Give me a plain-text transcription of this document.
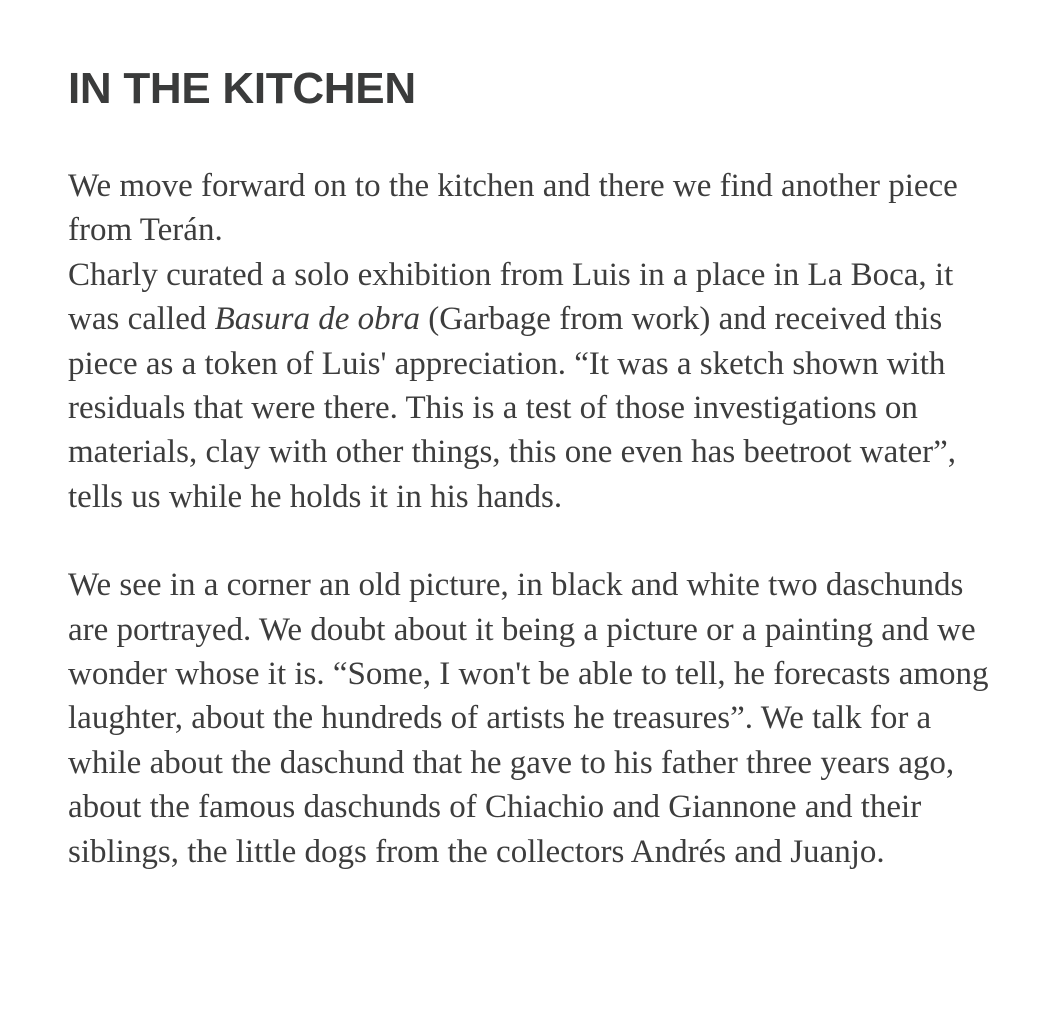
IN THE KITCHEN

We move forward on to the kitchen and there we find another piece from Terán.
Charly curated a solo exhibition from Luis in a place in La Boca, it was called Basura de obra (Garbage from work) and received this piece as a token of Luis' appreciation. “It was a sketch shown with residuals that were there. This is a test of those investigations on materials, clay with other things, this one even has beetroot water”, tells us while he holds it in his hands.

We see in a corner an old picture, in black and white two daschunds are portrayed. We doubt about it being a picture or a painting and we wonder whose it is. “Some, I won't be able to tell, he forecasts among laughter, about the hundreds of artists he treasures”. We talk for a while about the daschund that he gave to his father three years ago, about the famous daschunds of Chiachio and Giannone and their siblings, the little dogs from the collectors Andrés and Juanjo.
